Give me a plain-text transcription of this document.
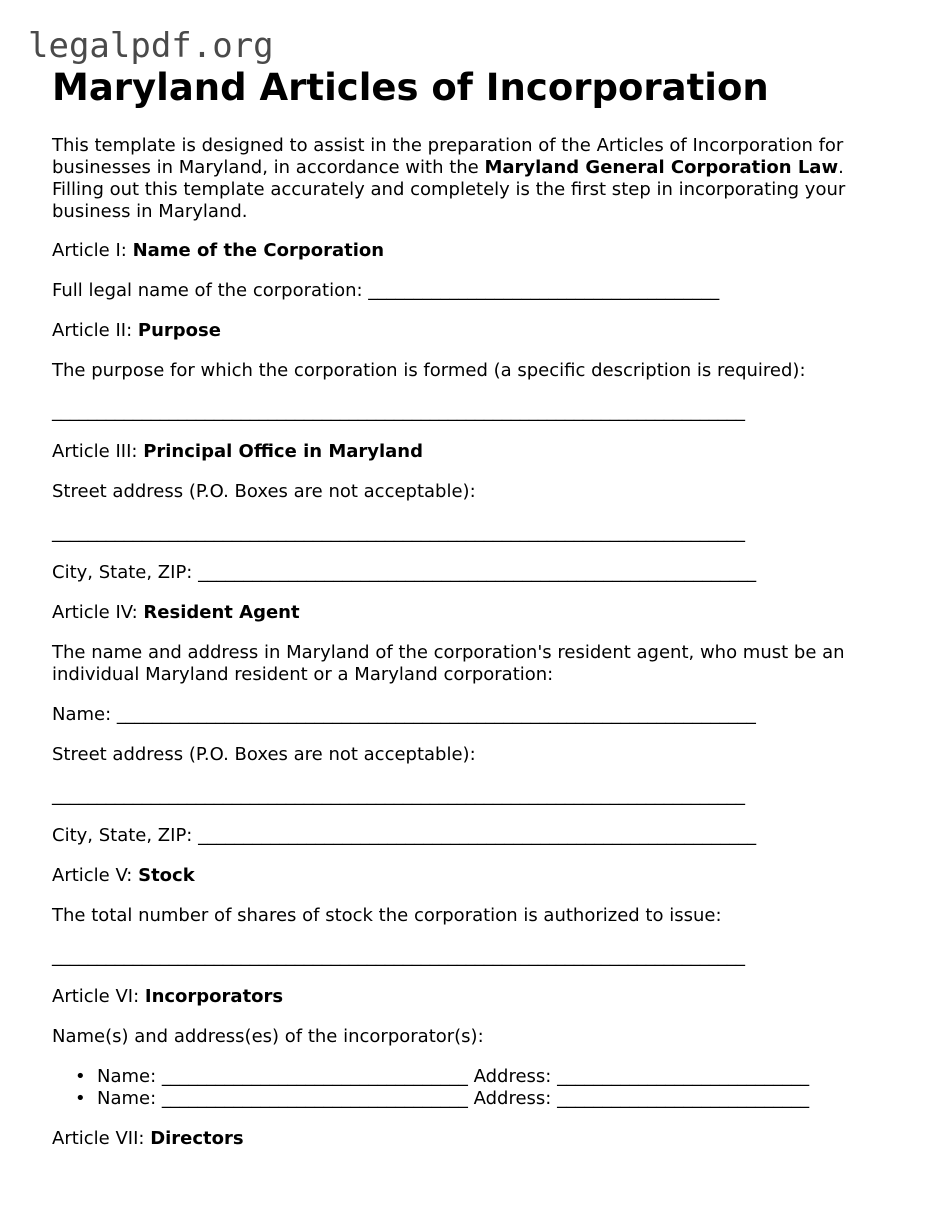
legalpdf.org
Maryland Articles of Incorporation

This template is designed to assist in the preparation of the Articles of Incorporation for businesses in Maryland, in accordance with the Maryland General Corporation Law. Filling out this template accurately and completely is the first step in incorporating your business in Maryland.

Article I: Name of the Corporation

Full legal name of the corporation: _______________________________________

Article II: Purpose

The purpose for which the corporation is formed (a specific description is required):

_____________________________________________________________________________

Article III: Principal Office in Maryland

Street address (P.O. Boxes are not acceptable):

_____________________________________________________________________________

City, State, ZIP: ______________________________________________________________

Article IV: Resident Agent

The name and address in Maryland of the corporation's resident agent, who must be an individual Maryland resident or a Maryland corporation:

Name: _______________________________________________________________________

Street address (P.O. Boxes are not acceptable):

_____________________________________________________________________________

City, State, ZIP: ______________________________________________________________

Article V: Stock

The total number of shares of stock the corporation is authorized to issue:

_____________________________________________________________________________

Article VI: Incorporators

Name(s) and address(es) of the incorporator(s):

• Name: __________________________________ Address: ____________________________
• Name: __________________________________ Address: ____________________________

Article VII: Directors
